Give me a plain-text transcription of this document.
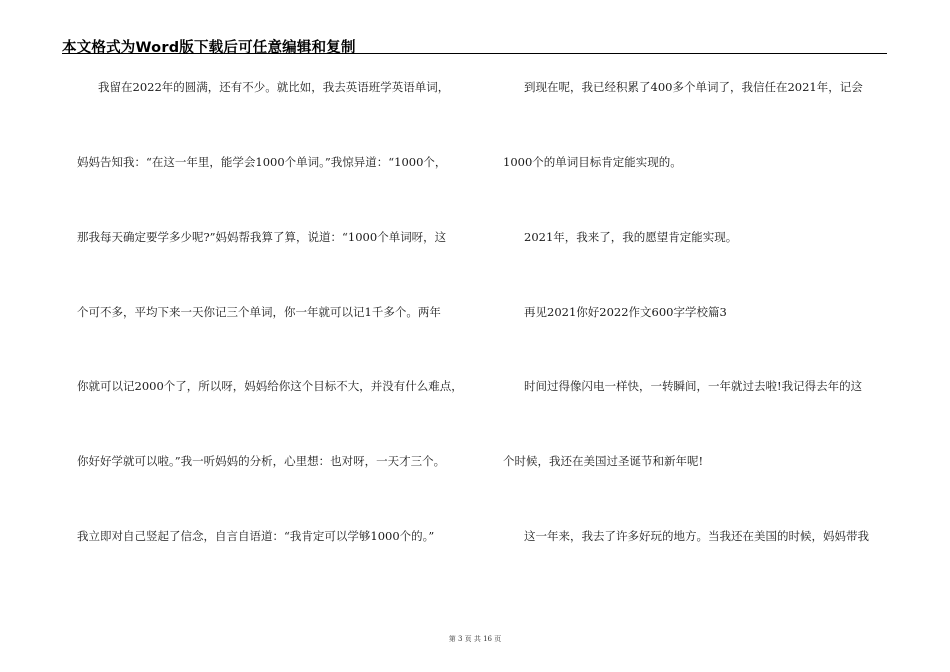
本文格式为Word版下载后可任意编辑和复制
我留在2022年的圆满，还有不少。就比如，我去英语班学英语单词，
妈妈告知我：“在这一年里，能学会1000个单词。”我惊异道：“1000个，
那我每天确定要学多少呢?”妈妈帮我算了算，说道：“1000个单词呀，这
个可不多，平均下来一天你记三个单词，你一年就可以记1千多个。两年
你就可以记2000个了，所以呀，妈妈给你这个目标不大，并没有什么难点，
你好好学就可以啦。”我一听妈妈的分析，心里想：也对呀，一天才三个。
我立即对自己竖起了信念，自言自语道：“我肯定可以学够1000个的。”
到现在呢，我已经积累了400多个单词了，我信任在2021年，记会
1000个的单词目标肯定能实现的。
2021年，我来了，我的愿望肯定能实现。
再见2021你好2022作文600字学校篇3
时间过得像闪电一样快，一转瞬间，一年就过去啦!我记得去年的这
个时候，我还在美国过圣诞节和新年呢!
这一年来，我去了许多好玩的地方。当我还在美国的时候，妈妈带我
第 3 页 共 16 页
